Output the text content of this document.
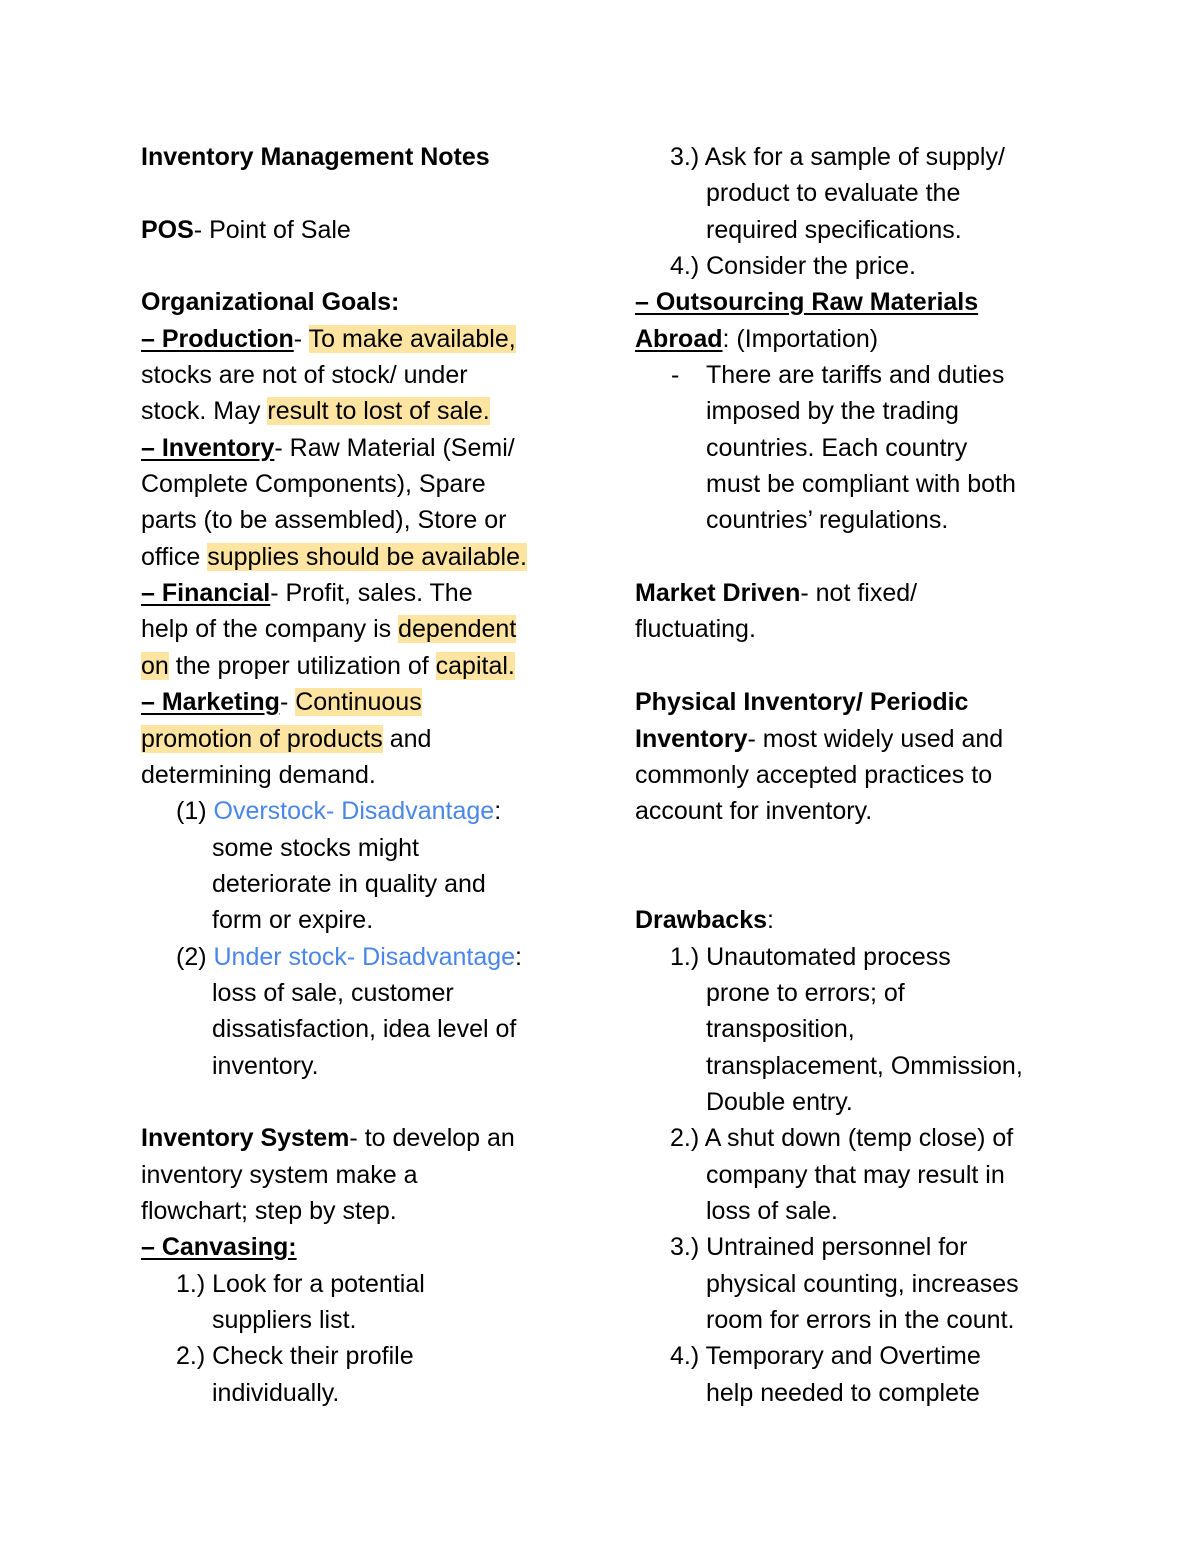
Inventory Management Notes
POS- Point of Sale
Organizational Goals:
– Production- To make available,
stocks are not of stock/ under
stock. May result to lost of sale.
– Inventory- Raw Material (Semi/
Complete Components), Spare
parts (to be assembled), Store or
office supplies should be available.
– Financial- Profit, sales. The
help of the company is dependent
on the proper utilization of capital.
– Marketing- Continuous
promotion of products and
determining demand.
(1) Overstock- Disadvantage:
some stocks might
deteriorate in quality and
form or expire.
(2) Under stock- Disadvantage:
loss of sale, customer
dissatisfaction, idea level of
inventory.
Inventory System- to develop an
inventory system make a
flowchart; step by step.
– Canvasing:
1.) Look for a potential
suppliers list.
2.) Check their profile
individually.
3.) Ask for a sample of supply/
product to evaluate the
required specifications.
4.) Consider the price.
– Outsourcing Raw Materials
Abroad: (Importation)
- There are tariffs and duties
imposed by the trading
countries. Each country
must be compliant with both
countries’ regulations.
Market Driven- not fixed/
fluctuating.
Physical Inventory/ Periodic
Inventory- most widely used and
commonly accepted practices to
account for inventory.
Drawbacks:
1.) Unautomated process
prone to errors; of
transposition,
transplacement, Ommission,
Double entry.
2.) A shut down (temp close) of
company that may result in
loss of sale.
3.) Untrained personnel for
physical counting, increases
room for errors in the count.
4.) Temporary and Overtime
help needed to complete
